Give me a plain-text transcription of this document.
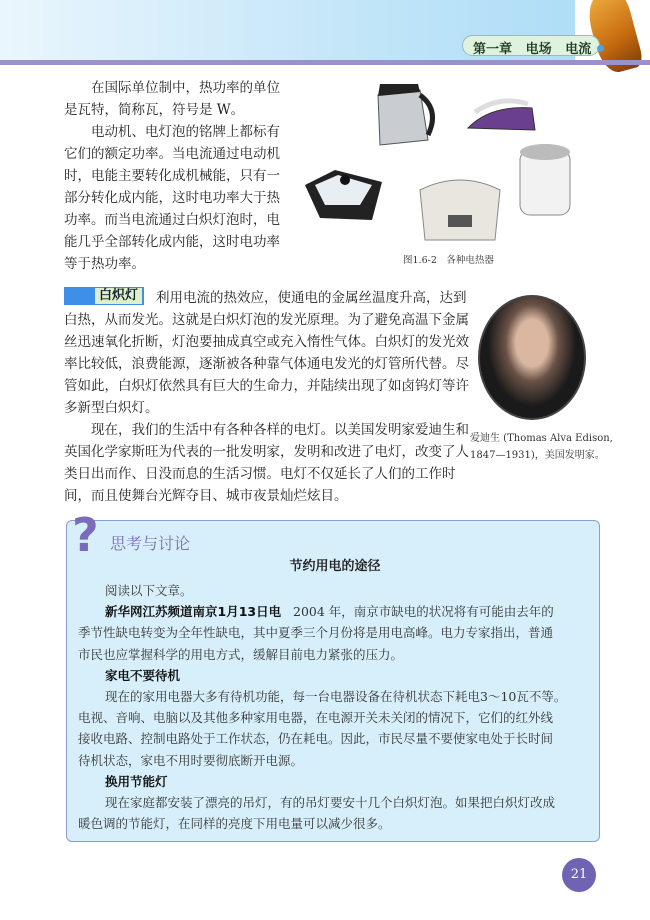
第一章 电场 电流
在国际单位制中，热功率的单位
是瓦特，简称瓦，符号是 W。
电动机、电灯泡的铭牌上都标有
它们的额定功率。当电流通过电动机
时，电能主要转化成机械能，只有一
部分转化成内能，这时电功率大于热
功率。而当电流通过白炽灯泡时，电
能几乎全部转化成内能，这时电功率
等于热功率。	图1.6-2　各种电热器
白炽灯 利用电流的热效应，使通电的金属丝温度升高，达到
白热，从而发光。这就是白炽灯泡的发光原理。为了避免高温下金属
丝迅速氧化折断，灯泡要抽成真空或充入惰性气体。白炽灯的发光效
率比较低，浪费能源，逐渐被各种靠气体通电发光的灯管所代替。尽
管如此，白炽灯依然具有巨大的生命力，并陆续出现了如卤钨灯等许
多新型白炽灯。
现在，我们的生活中有各种各样的电灯。以美国发明家爱迪生和
英国化学家斯旺为代表的一批发明家，发明和改进了电灯，改变了人
类日出而作、日没而息的生活习惯。电灯不仅延长了人们的工作时
间，而且使舞台光辉夺目、城市夜景灿烂炫目。
爱迪生 (Thomas Alva Edison,
1847—1931)，美国发明家。
? 思考与讨论
节约用电的途径
阅读以下文章。
新华网江苏频道南京1月13日电 2004 年，南京市缺电的状况将有可能由去年的
季节性缺电转变为全年性缺电，其中夏季三个月份将是用电高峰。电力专家指出，普通
市民也应掌握科学的用电方式，缓解目前电力紧张的压力。
家电不要待机
现在的家用电器大多有待机功能，每一台电器设备在待机状态下耗电3～10瓦不等。
电视、音响、电脑以及其他多种家用电器，在电源开关未关闭的情况下，它们的红外线
接收电路、控制电路处于工作状态，仍在耗电。因此，市民尽量不要使家电处于长时间
待机状态，家电不用时要彻底断开电源。
换用节能灯
现在家庭都安装了漂亮的吊灯，有的吊灯要安十几个白炽灯泡。如果把白炽灯改成
暖色调的节能灯，在同样的亮度下用电量可以减少很多。
21
